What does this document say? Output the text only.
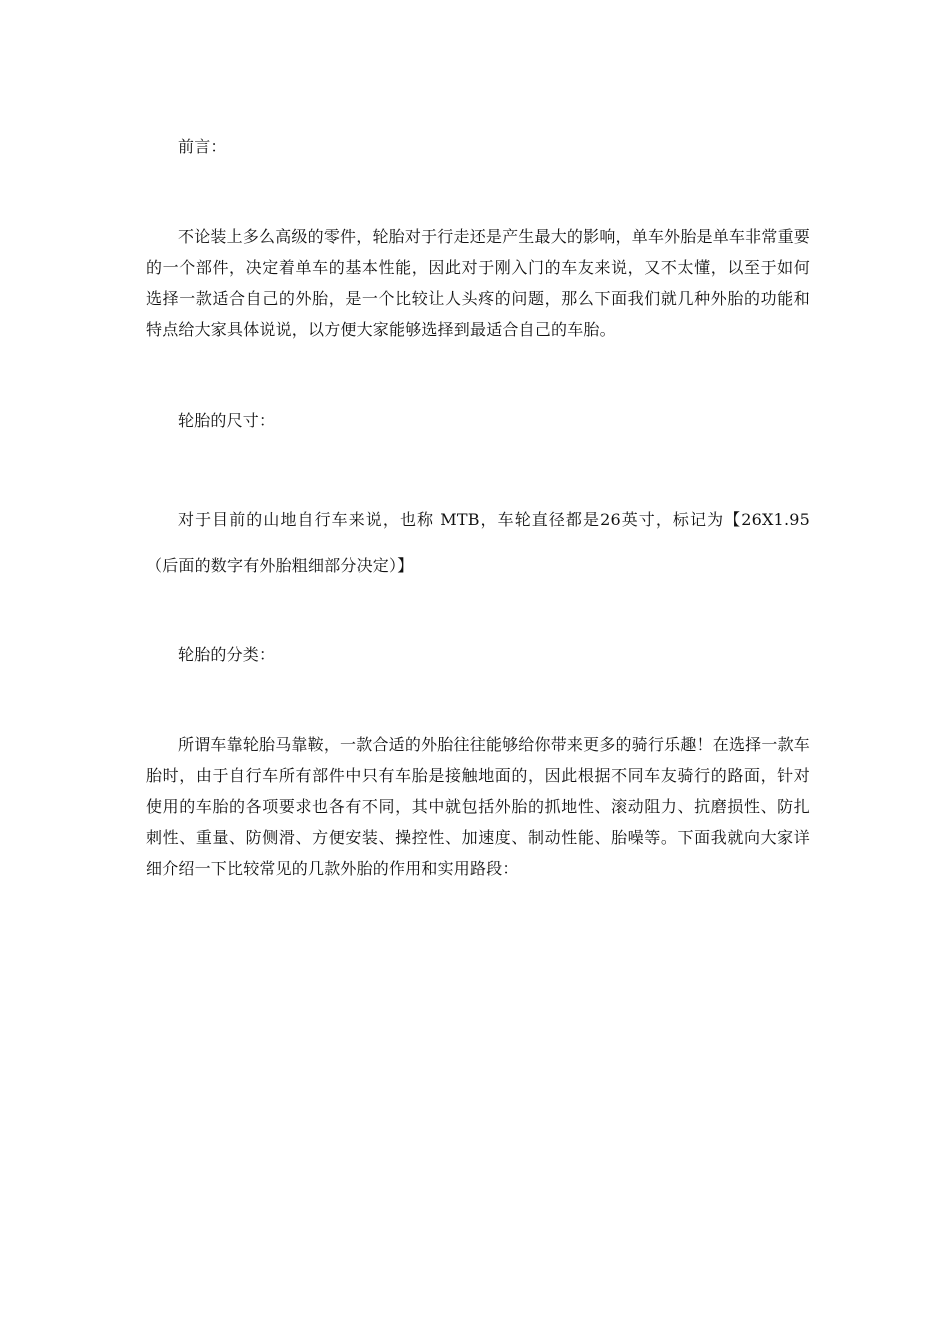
前言：

不论装上多么高级的零件，轮胎对于行走还是产生最大的影响，单车外胎是单车非常重要的一个部件，决定着单车的基本性能，因此对于刚入门的车友来说，又不太懂，以至于如何选择一款适合自己的外胎，是一个比较让人头疼的问题，那么下面我们就几种外胎的功能和特点给大家具体说说，以方便大家能够选择到最适合自己的车胎。

轮胎的尺寸：

对于目前的山地自行车来说，也称 MTB，车轮直径都是26英寸，标记为【26X1.95（后面的数字有外胎粗细部分决定）】

轮胎的分类：

所谓车靠轮胎马靠鞍，一款合适的外胎往往能够给你带来更多的骑行乐趣！在选择一款车胎时，由于自行车所有部件中只有车胎是接触地面的，因此根据不同车友骑行的路面，针对使用的车胎的各项要求也各有不同，其中就包括外胎的抓地性、滚动阻力、抗磨损性、防扎刺性、重量、防侧滑、方便安装、操控性、加速度、制动性能、胎噪等。下面我就向大家详细介绍一下比较常见的几款外胎的作用和实用路段：
